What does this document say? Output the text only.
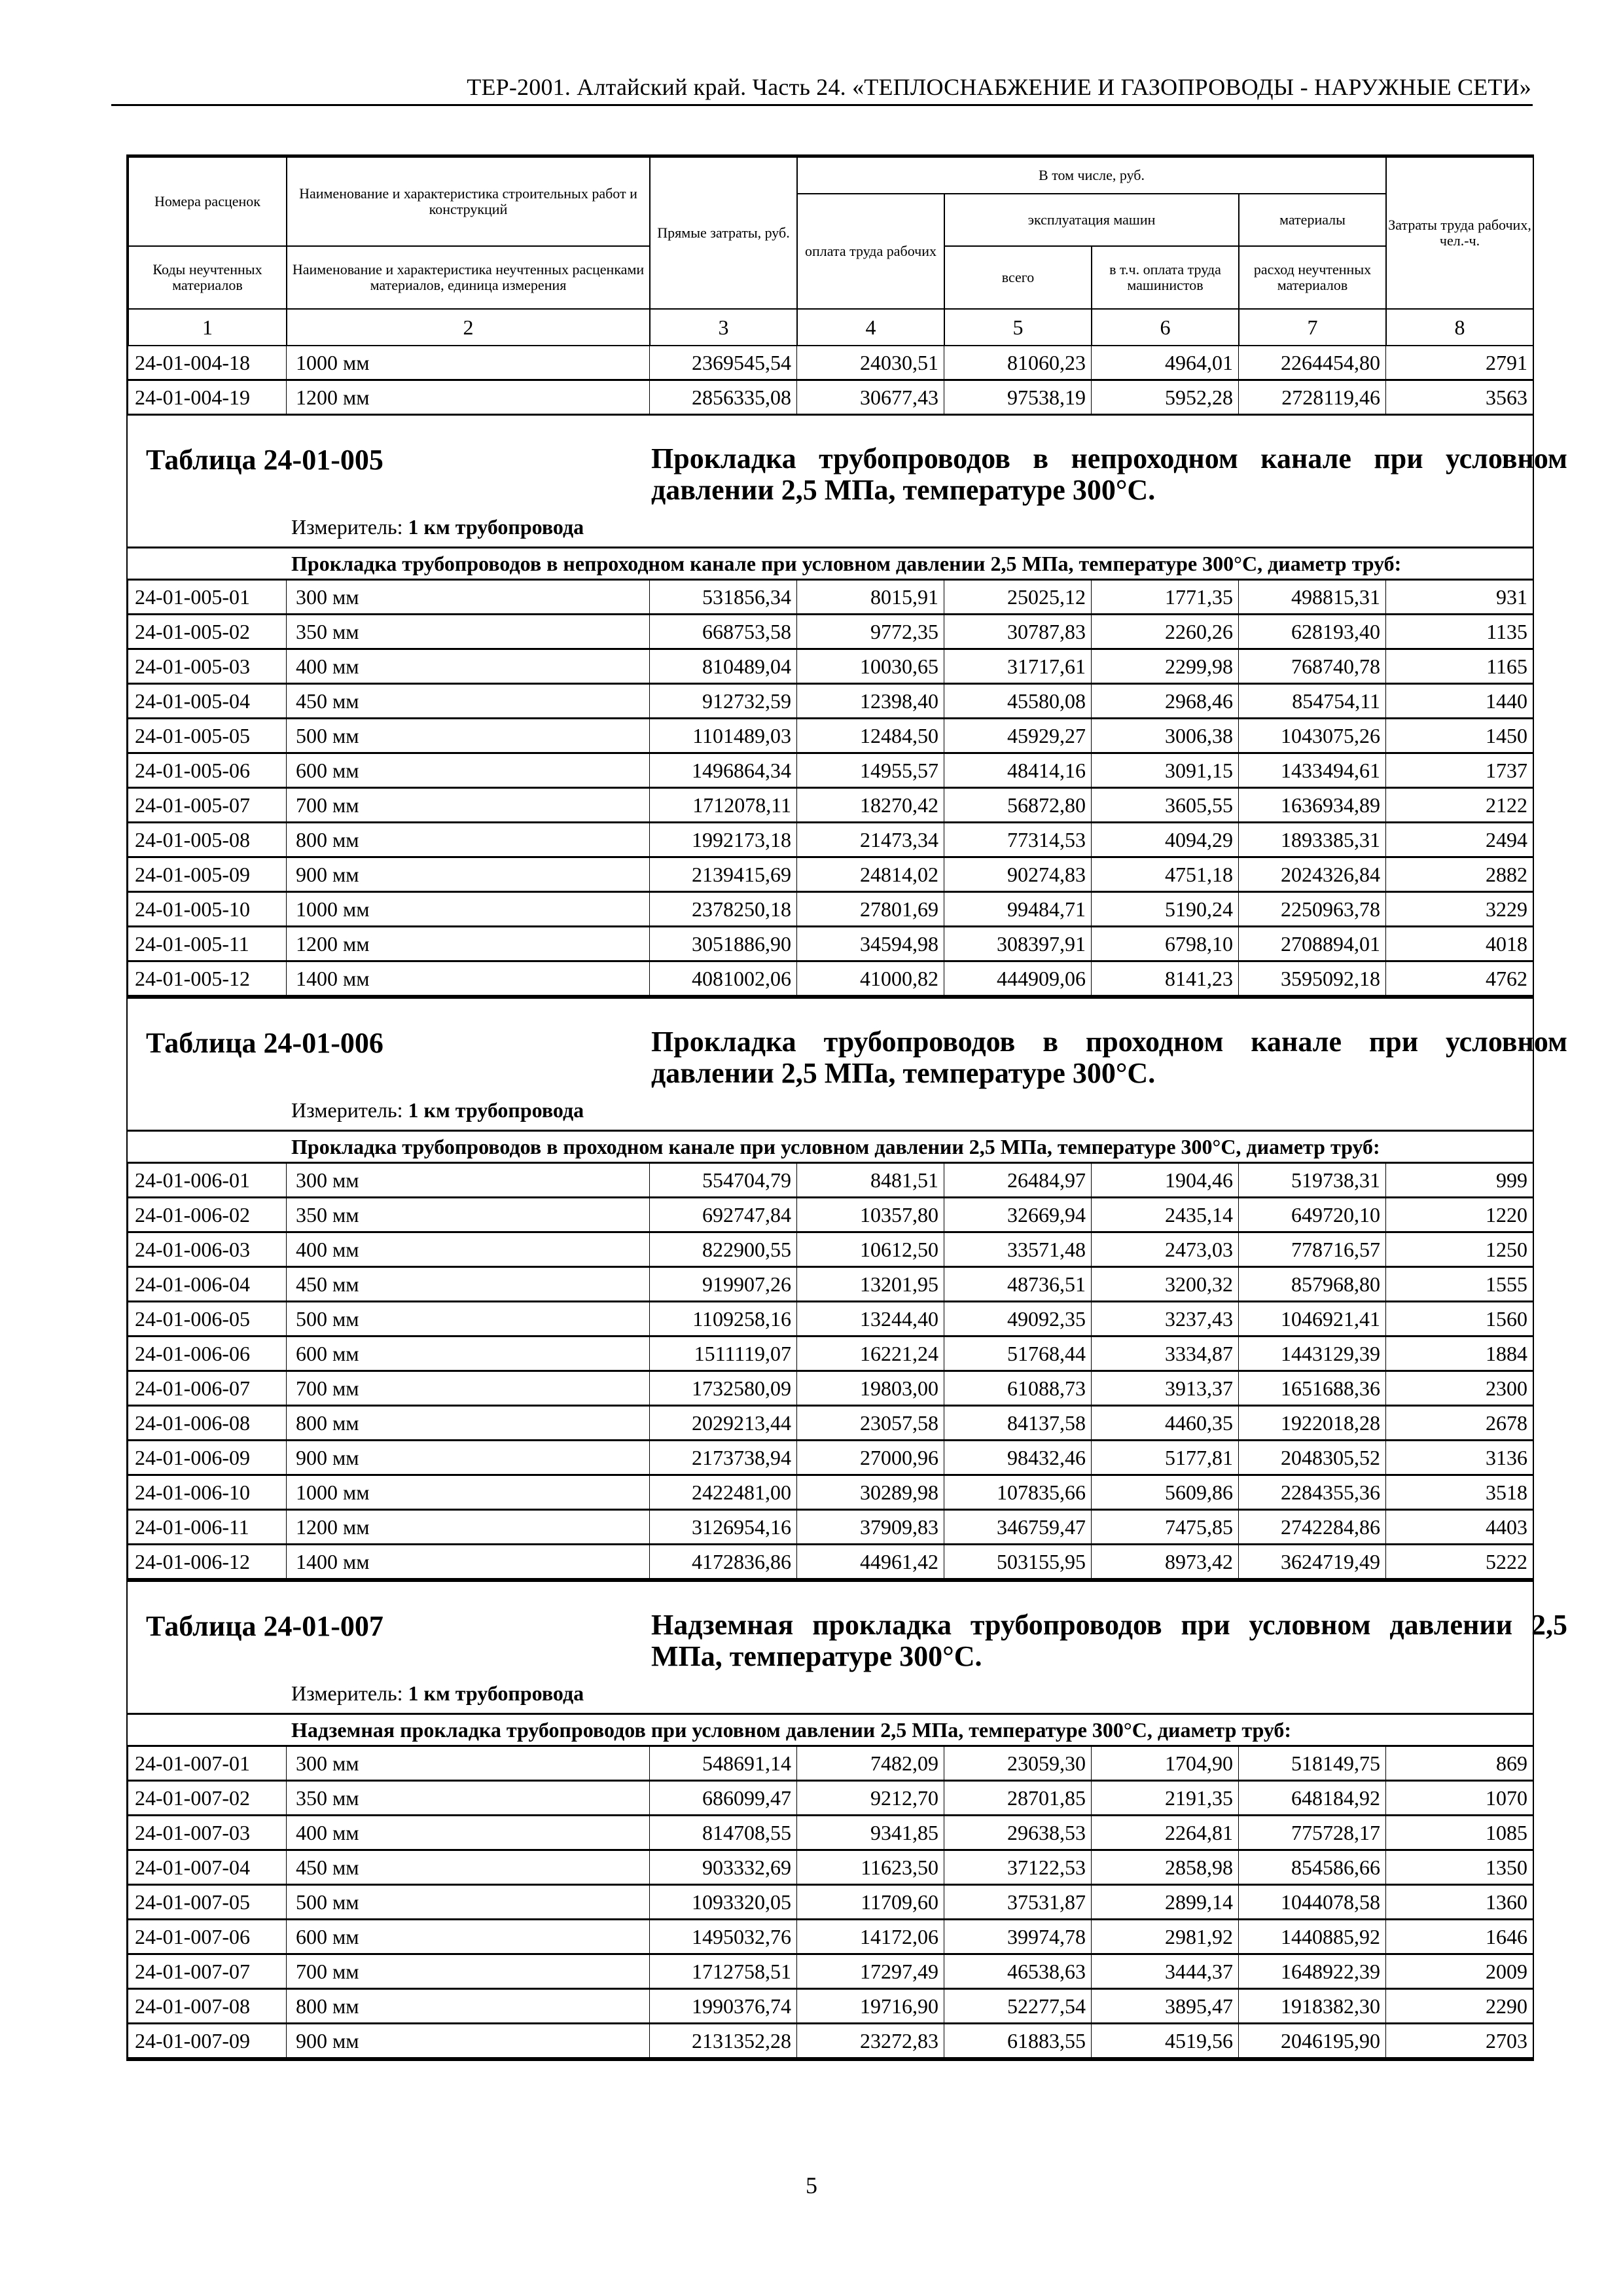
ТЕР-2001. Алтайский край. Часть 24. «ТЕПЛОСНАБЖЕНИЕ И ГАЗОПРОВОДЫ - НАРУЖНЫЕ СЕТИ»
Номера расценок	Наименование и характеристика строительных работ и конструкций	Прямые затраты, руб.	В том числе, руб.				Затраты труда рабочих, чел.-ч.
			оплата труда рабочих	эксплуатация машин		материалы	
Коды неучтенных материалов	Наименование и характеристика неучтенных расценками материалов, единица измерения			всего	в т.ч. оплата труда машинистов	расход неучтенных материалов	
1	2	3	4	5	6	7	8
24-01-004-18	1000 мм	2369545,54	24030,51	81060,23	4964,01	2264454,80	2791
24-01-004-19	1200 мм	2856335,08	30677,43	97538,19	5952,28	2728119,46	3563
Таблица 24-01-005	Прокладка трубопроводов в непроходном канале при условном давлении 2,5 МПа, температуре 300°С.
Измеритель: 1 км трубопровода
Прокладка трубопроводов в непроходном канале при условном давлении 2,5 МПа, температуре 300°С, диаметр труб:
24-01-005-01	300 мм	531856,34	8015,91	25025,12	1771,35	498815,31	931
24-01-005-02	350 мм	668753,58	9772,35	30787,83	2260,26	628193,40	1135
24-01-005-03	400 мм	810489,04	10030,65	31717,61	2299,98	768740,78	1165
24-01-005-04	450 мм	912732,59	12398,40	45580,08	2968,46	854754,11	1440
24-01-005-05	500 мм	1101489,03	12484,50	45929,27	3006,38	1043075,26	1450
24-01-005-06	600 мм	1496864,34	14955,57	48414,16	3091,15	1433494,61	1737
24-01-005-07	700 мм	1712078,11	18270,42	56872,80	3605,55	1636934,89	2122
24-01-005-08	800 мм	1992173,18	21473,34	77314,53	4094,29	1893385,31	2494
24-01-005-09	900 мм	2139415,69	24814,02	90274,83	4751,18	2024326,84	2882
24-01-005-10	1000 мм	2378250,18	27801,69	99484,71	5190,24	2250963,78	3229
24-01-005-11	1200 мм	3051886,90	34594,98	308397,91	6798,10	2708894,01	4018
24-01-005-12	1400 мм	4081002,06	41000,82	444909,06	8141,23	3595092,18	4762
Таблица 24-01-006	Прокладка трубопроводов в проходном канале при условном давлении 2,5 МПа, температуре 300°С.
Измеритель: 1 км трубопровода
Прокладка трубопроводов в проходном канале при условном давлении 2,5 МПа, температуре 300°С, диаметр труб:
24-01-006-01	300 мм	554704,79	8481,51	26484,97	1904,46	519738,31	999
24-01-006-02	350 мм	692747,84	10357,80	32669,94	2435,14	649720,10	1220
24-01-006-03	400 мм	822900,55	10612,50	33571,48	2473,03	778716,57	1250
24-01-006-04	450 мм	919907,26	13201,95	48736,51	3200,32	857968,80	1555
24-01-006-05	500 мм	1109258,16	13244,40	49092,35	3237,43	1046921,41	1560
24-01-006-06	600 мм	1511119,07	16221,24	51768,44	3334,87	1443129,39	1884
24-01-006-07	700 мм	1732580,09	19803,00	61088,73	3913,37	1651688,36	2300
24-01-006-08	800 мм	2029213,44	23057,58	84137,58	4460,35	1922018,28	2678
24-01-006-09	900 мм	2173738,94	27000,96	98432,46	5177,81	2048305,52	3136
24-01-006-10	1000 мм	2422481,00	30289,98	107835,66	5609,86	2284355,36	3518
24-01-006-11	1200 мм	3126954,16	37909,83	346759,47	7475,85	2742284,86	4403
24-01-006-12	1400 мм	4172836,86	44961,42	503155,95	8973,42	3624719,49	5222
Таблица 24-01-007	Надземная прокладка трубопроводов при условном давлении 2,5 МПа, температуре 300°С.
Измеритель: 1 км трубопровода
Надземная прокладка трубопроводов при условном давлении 2,5 МПа, температуре 300°С, диаметр труб:
24-01-007-01	300 мм	548691,14	7482,09	23059,30	1704,90	518149,75	869
24-01-007-02	350 мм	686099,47	9212,70	28701,85	2191,35	648184,92	1070
24-01-007-03	400 мм	814708,55	9341,85	29638,53	2264,81	775728,17	1085
24-01-007-04	450 мм	903332,69	11623,50	37122,53	2858,98	854586,66	1350
24-01-007-05	500 мм	1093320,05	11709,60	37531,87	2899,14	1044078,58	1360
24-01-007-06	600 мм	1495032,76	14172,06	39974,78	2981,92	1440885,92	1646
24-01-007-07	700 мм	1712758,51	17297,49	46538,63	3444,37	1648922,39	2009
24-01-007-08	800 мм	1990376,74	19716,90	52277,54	3895,47	1918382,30	2290
24-01-007-09	900 мм	2131352,28	23272,83	61883,55	4519,56	2046195,90	2703
5
